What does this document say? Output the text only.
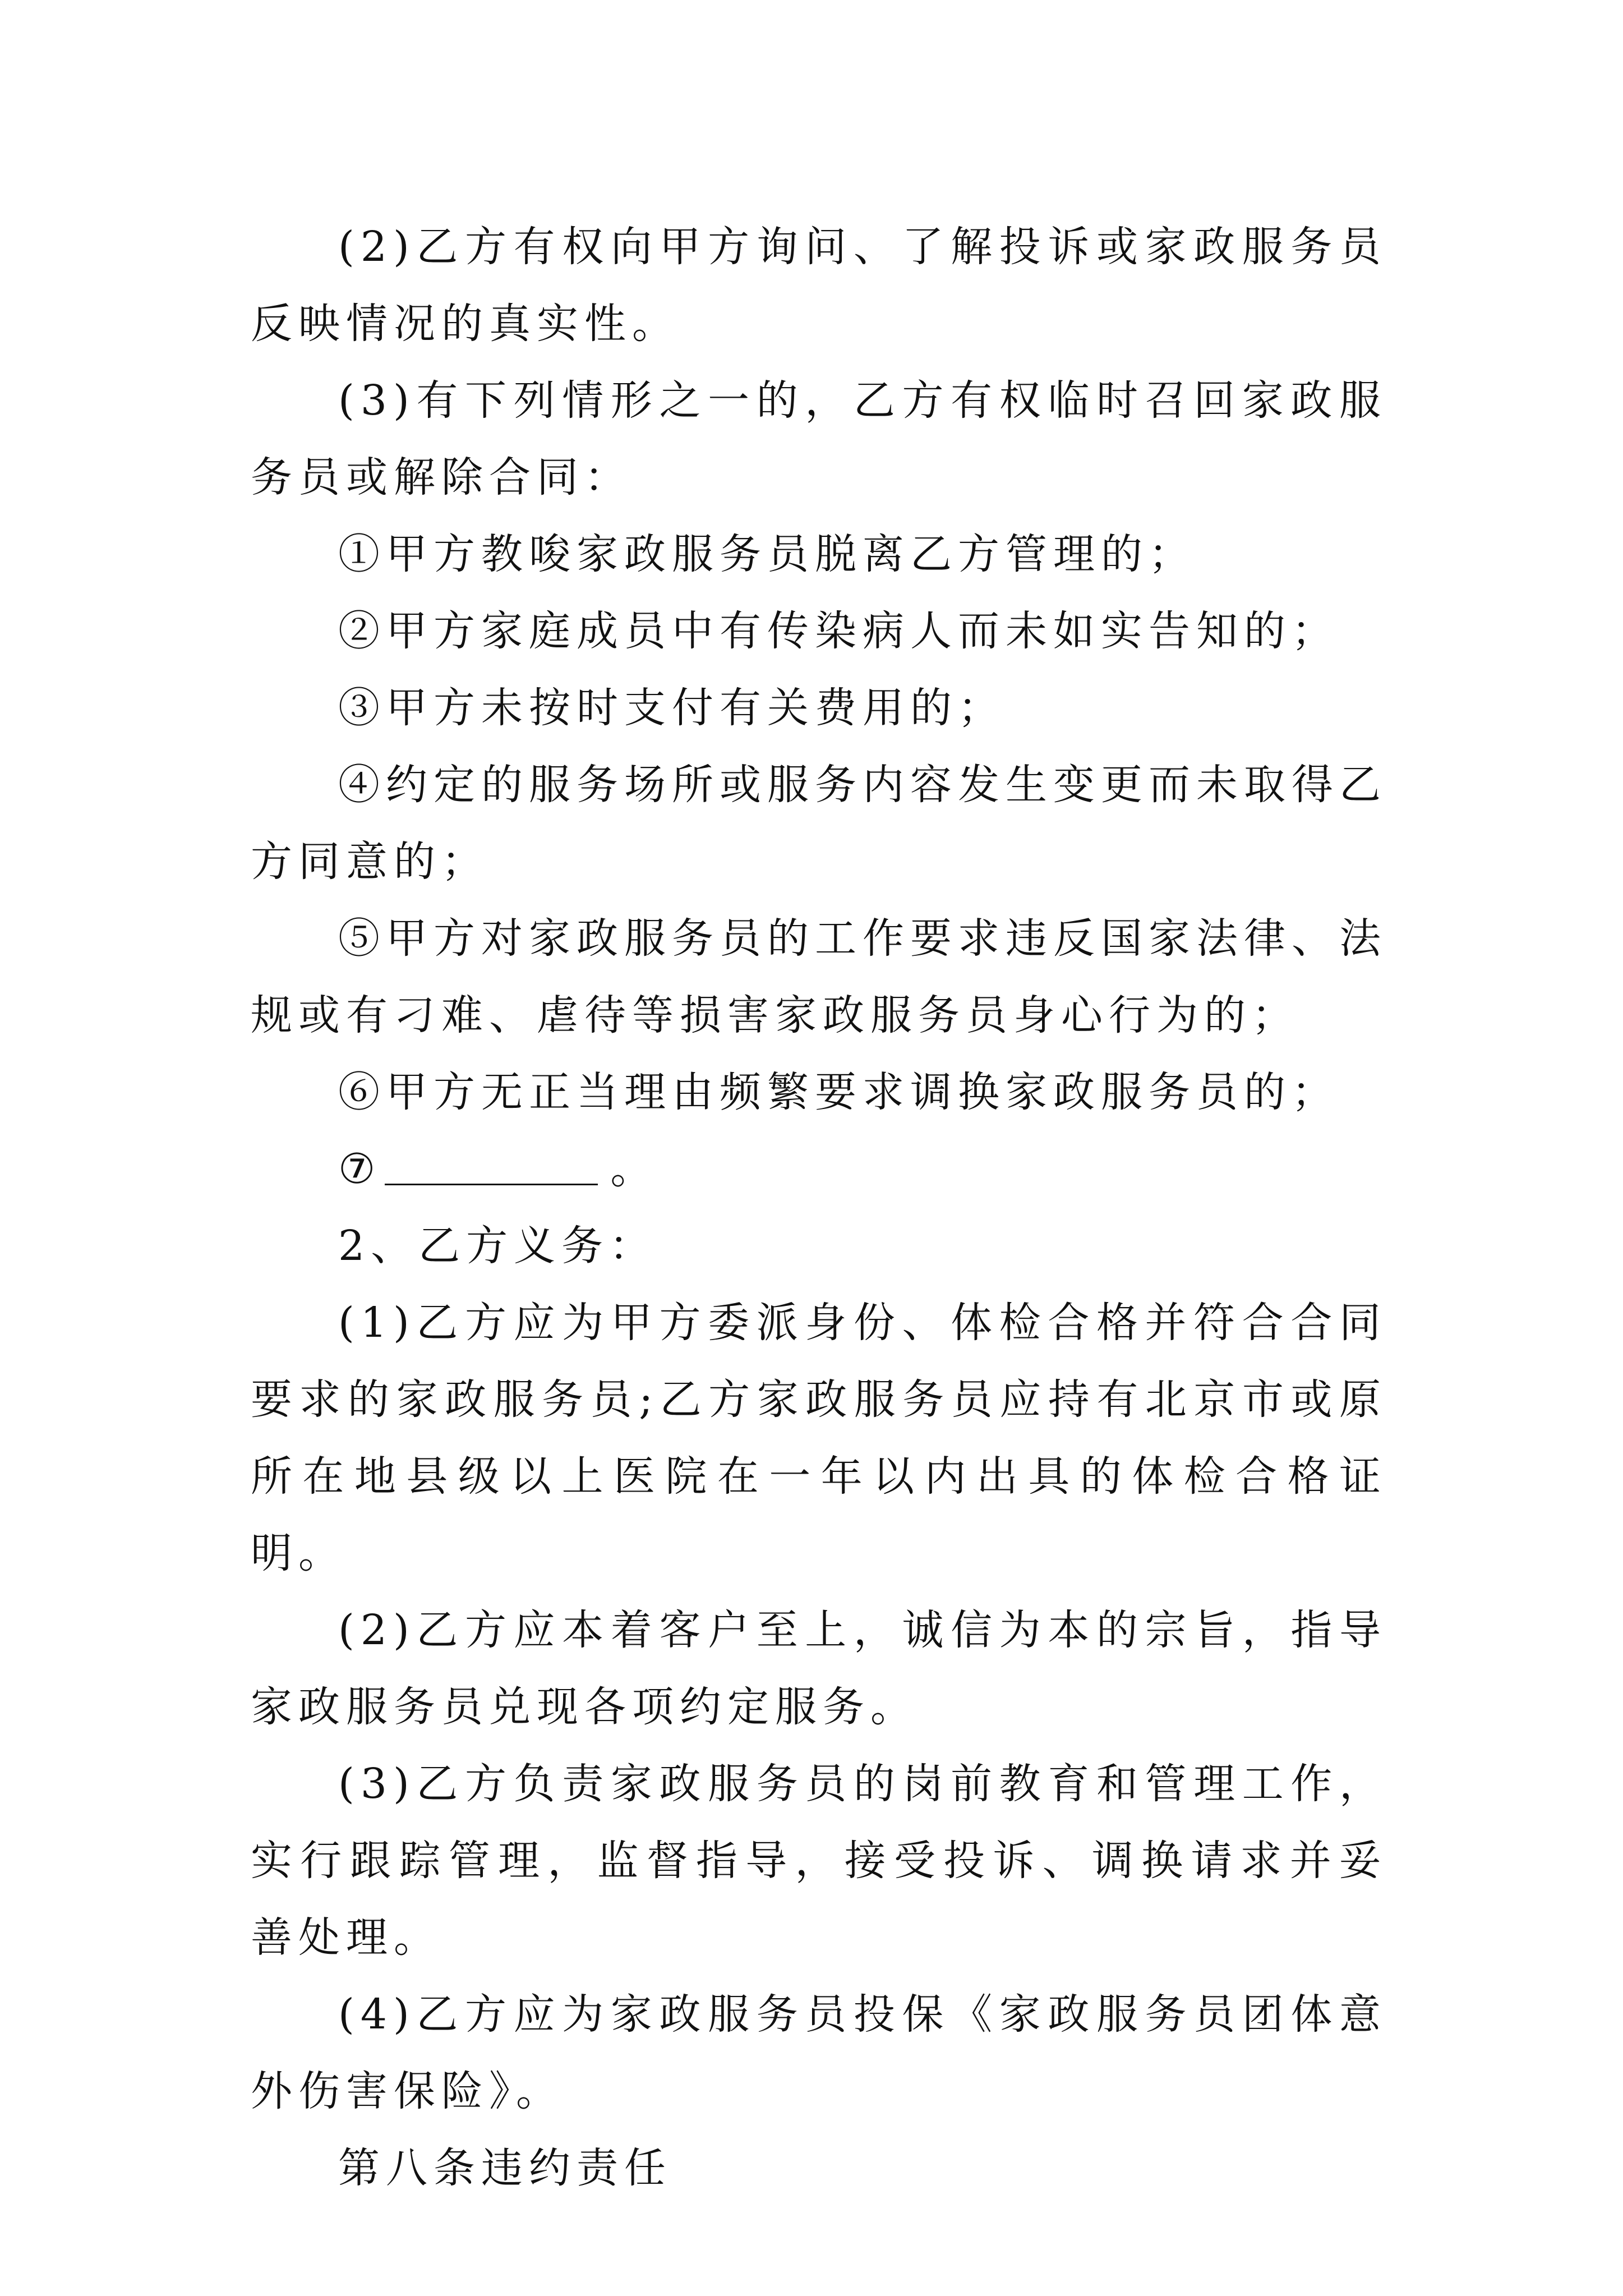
(2)乙方有权向甲方询问、了解投诉或家政服务员反映情况的真实性。

(3)有下列情形之一的，乙方有权临时召回家政服务员或解除合同：

①甲方教唆家政服务员脱离乙方管理的；

②甲方家庭成员中有传染病人而未如实告知的；

③甲方未按时支付有关费用的；

④约定的服务场所或服务内容发生变更而未取得乙方同意的；

⑤甲方对家政服务员的工作要求违反国家法律、法规或有刁难、虐待等损害家政服务员身心行为的；

⑥甲方无正当理由频繁要求调换家政服务员的；

⑦	。

2、乙方义务：

(1)乙方应为甲方委派身份、体检合格并符合合同要求的家政服务员;乙方家政服务员应持有北京市或原所在地县级以上医院在一年以内出具的体检合格证明。

(2)乙方应本着客户至上，诚信为本的宗旨，指导家政服务员兑现各项约定服务。

(3)乙方负责家政服务员的岗前教育和管理工作，实行跟踪管理，监督指导，接受投诉、调换请求并妥善处理。

(4)乙方应为家政服务员投保《家政服务员团体意外伤害保险》。

第八条违约责任
